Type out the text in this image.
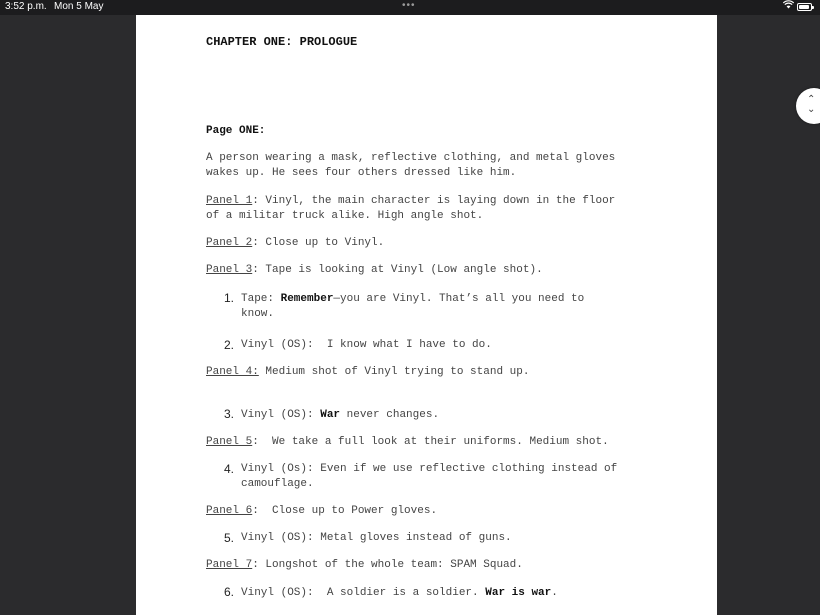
3:52 p.m. Mon 5 May	•••

CHAPTER ONE: PROLOGUE

Page ONE:

A person wearing a mask, reflective clothing, and metal gloves

wakes up. He sees four others dressed like him.

Panel 1: Vinyl, the main character is laying down in the floor

of a militar truck alike. High angle shot.

Panel 2: Close up to Vinyl.

Panel 3: Tape is looking at Vinyl (Low angle shot).

1. Tape: Remember—you are Vinyl. That’s all you need to

know.

2. Vinyl (OS):  I know what I have to do.

Panel 4: Medium shot of Vinyl trying to stand up.

3. Vinyl (OS): War never changes.

Panel 5:  We take a full look at their uniforms. Medium shot.

4. Vinyl (Os): Even if we use reflective clothing instead of

camouflage.

Panel 6:  Close up to Power gloves.

5. Vinyl (OS): Metal gloves instead of guns.

Panel 7: Longshot of the whole team: SPAM Squad.

6. Vinyl (OS):  A soldier is a soldier. War is war.

⌃
⌄
